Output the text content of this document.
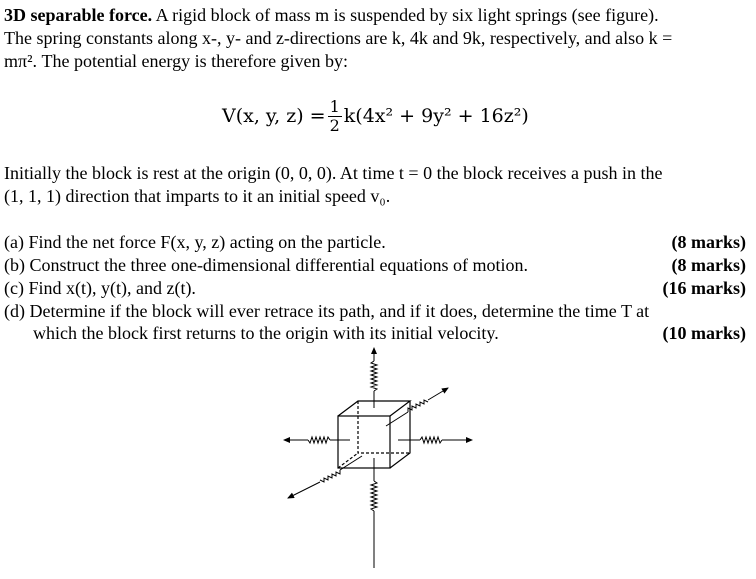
3D separable force. A rigid block of mass m is suspended by six light springs (see figure).
The spring constants along x-, y- and z-directions are k, 4k and 9k, respectively, and also k =
mπ². The potential energy is therefore given by:
V(x, y, $z) = \frac{1}{2} k(4x^2 + 9y^2 + 16z^2)$
Initially the block is rest at the origin (0, 0, 0). At time t = 0 the block receives a push in the
(1, 1, 1) direction that imparts to it an initial speed v₀.
(a) Find the net force F(x, y, z) acting on the particle.	(8 marks)
(b) Construct the three one-dimensional differential equations of motion.	(8 marks)
(c) Find x(t), y(t), and z(t).	(16 marks)
(d) Determine if the block will ever retrace its path, and if it does, determine the time T at
which the block first returns to the origin with its initial velocity.	(10 marks)
